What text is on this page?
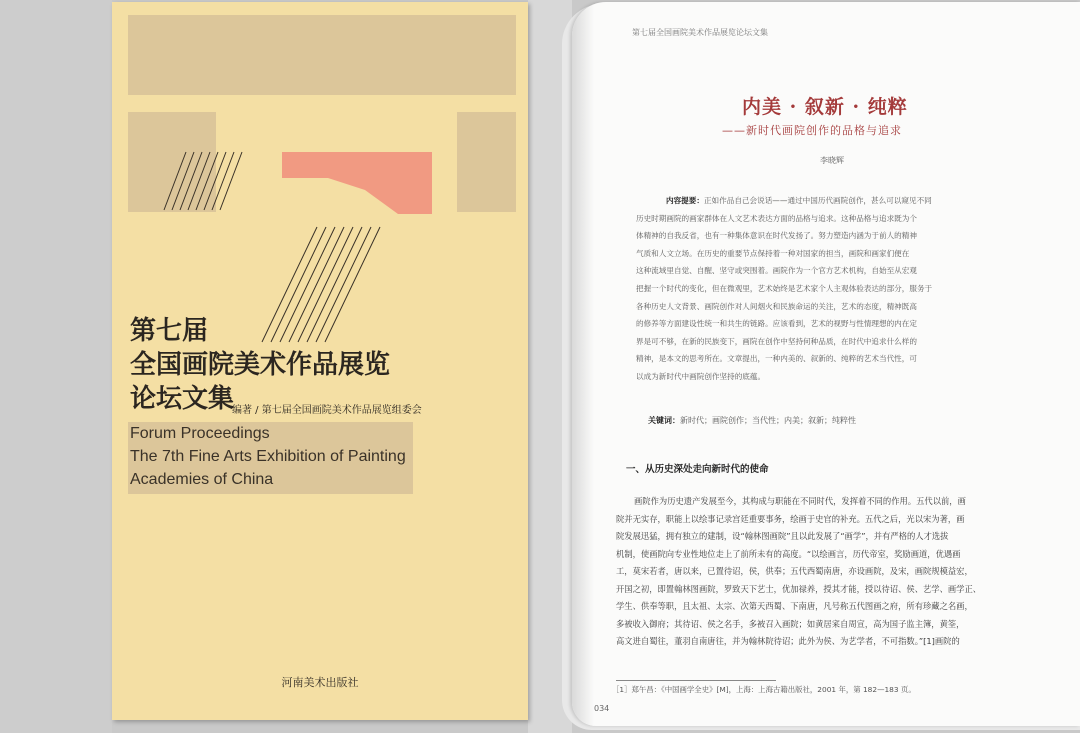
第七届
全国画院美术作品展览
论坛文集
编著 / 第七届全国画院美术作品展览组委会
Forum Proceedings
The 7th Fine Arts Exhibition of Painting
Academies of China
河南美术出版社
第七届全国画院美术作品展览论坛文集
内美 · 叙新 · 纯粹
——新时代画院创作的品格与追求
李晓辉
内容提要：正如作品自己会说话——通过中国历代画院创作，甚么可以窥见不同
历史时期画院的画家群体在人文艺术表达方面的品格与追求。这种品格与追求既为个
体精神的自我反省，也有一种集体意识在时代发扬了。努力塑造内涵为于前人的精神
气质和人文立场。在历史的重要节点保持着一种对国家的担当，画院和画家们便在
这种流域里自觉、自醒、坚守或突围着。画院作为一个官方艺术机构，自始至从宏观
把握一个时代的变化，但在微观里，艺术始终是艺术家个人主观体验表达的部分，服务于
各种历史人文背景、画院创作对人间烟火和民族命运的关注，艺术的态度，精神既高
的修养等方面建设性统一和共生的链路。应该看到，艺术的视野与性情理想的内在定
界是可不够，在新的民族变下，画院在创作中坚持何种品质，在时代中追求什么样的
精神，是本文的思考所在。文章提出，一种内美的、叙新的、纯粹的艺术当代性，可
以成为新时代中画院创作坚持的底蕴。
关键词：新时代；画院创作；当代性；内美；叙新；纯粹性
一、从历史深处走向新时代的使命
画院作为历史遗产发展至今，其构成与职能在不同时代，发挥着不同的作用。五代以前，画
院并无实存，职能上以绘事记录宫廷重要事务，绘画于史官的补充。五代之后，光以宋为著，画
院发展迅猛，拥有独立的建制，设“翰林图画院”且以此发展了“画学”，并有严格的人才选拔
机制，使画院向专业性地位走上了前所未有的高度。“以绘画言，历代帝室，奖励画道，优遇画
工，莫宋若者，唐以来，已置待诏，侯，供奉；五代西蜀南唐，亦设画院，及宋，画院规模益宏，
开国之初，即置翰林图画院，罗致天下艺士，优加禄养，授其才能，授以待诏、侯、艺学、画学正、
学生、供奉等职，且太祖、太宗、次第天西蜀、下南唐，凡号称五代图画之府，所有珍藏之名画，
多被收入御府；其待诏、侯之名手，多被召入画院；如黄居宷自周宣，高为国子监主簿，黄筌，
高文进自蜀往，董羽自南唐往，并为翰林院待诏；此外为侯、为艺学者，不可指数。”[1]画院的
［1］郑午昌：《中国画学全史》[M]，上海：上海古籍出版社，2001 年，第 182—183 页。
034
